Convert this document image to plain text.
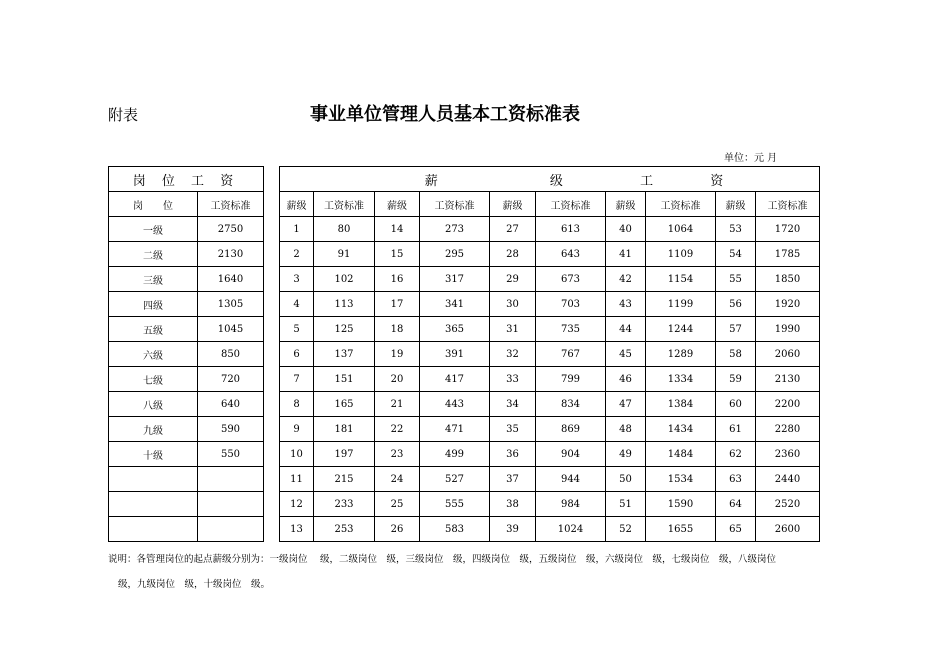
附表	事业单位管理人员基本工资标准表
单位：元 月
岗 位 工 资	
岗　　位	工资标准
一级	2750
二级	2130
三级	1640
四级	1305
五级	1045
六级	850
七级	720
八级	640
九级	590
十级	550

薪 级 工 资									
薪级	工资标准	薪级	工资标准	薪级	工资标准	薪级	工资标准	薪级	工资标准
1	80	14	273	27	613	40	1064	53	1720
2	91	15	295	28	643	41	1109	54	1785
3	102	16	317	29	673	42	1154	55	1850
4	113	17	341	30	703	43	1199	56	1920
5	125	18	365	31	735	44	1244	57	1990
6	137	19	391	32	767	45	1289	58	2060
7	151	20	417	33	799	46	1334	59	2130
8	165	21	443	34	834	47	1384	60	2200
9	181	22	471	35	869	48	1434	61	2280
10	197	23	499	36	904	49	1484	62	2360
11	215	24	527	37	944	50	1534	63	2440
12	233	25	555	38	984	51	1590	64	2520
13	253	26	583	39	1024	52	1655	65	2600
说明：各管理岗位的起点薪级分别为：一级岗位　 级，二级岗位　级，三级岗位　级，四级岗位　级，五级岗位　级，六级岗位　级，七级岗位　级，八级岗位
级，九级岗位　级，十级岗位　级。
